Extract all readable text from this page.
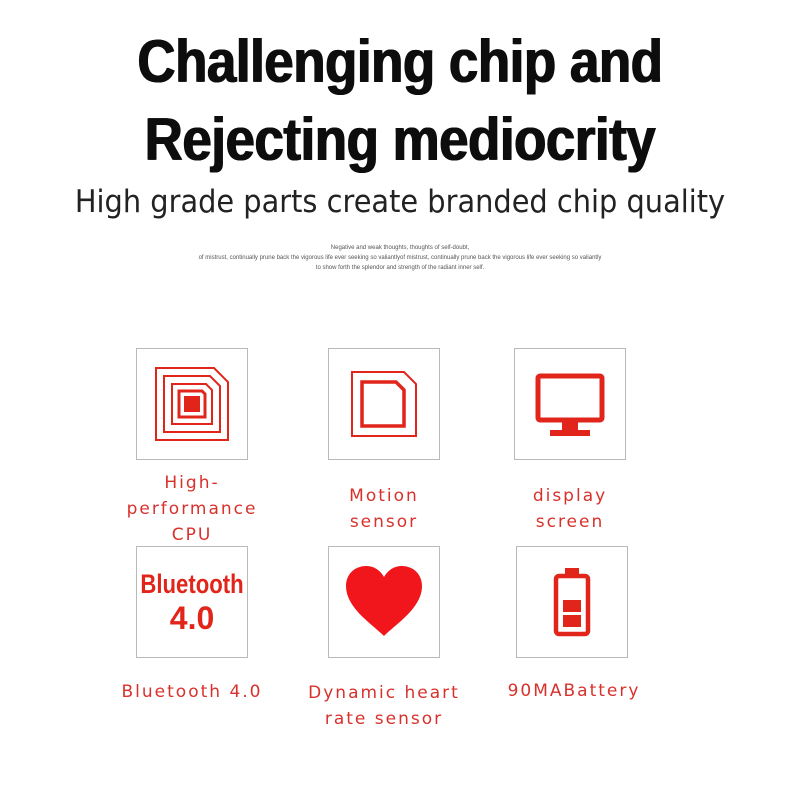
Challenging chip and
Rejecting mediocrity
High grade parts create branded chip quality
Negative and weak thoughts, thoughts of self-doubt,
of mistrust, continually prune back the vigorous life ever seeking so valiantlyof mistrust, continually prune back the vigorous life ever seeking so valiantly
to show forth the splendor and strength of the radiant inner self.
High-
performance
CPU
Motion
sensor
display
screen
Bluetooth
4.0
Bluetooth 4.0	Dynamic heart
rate sensor
90MABattery
